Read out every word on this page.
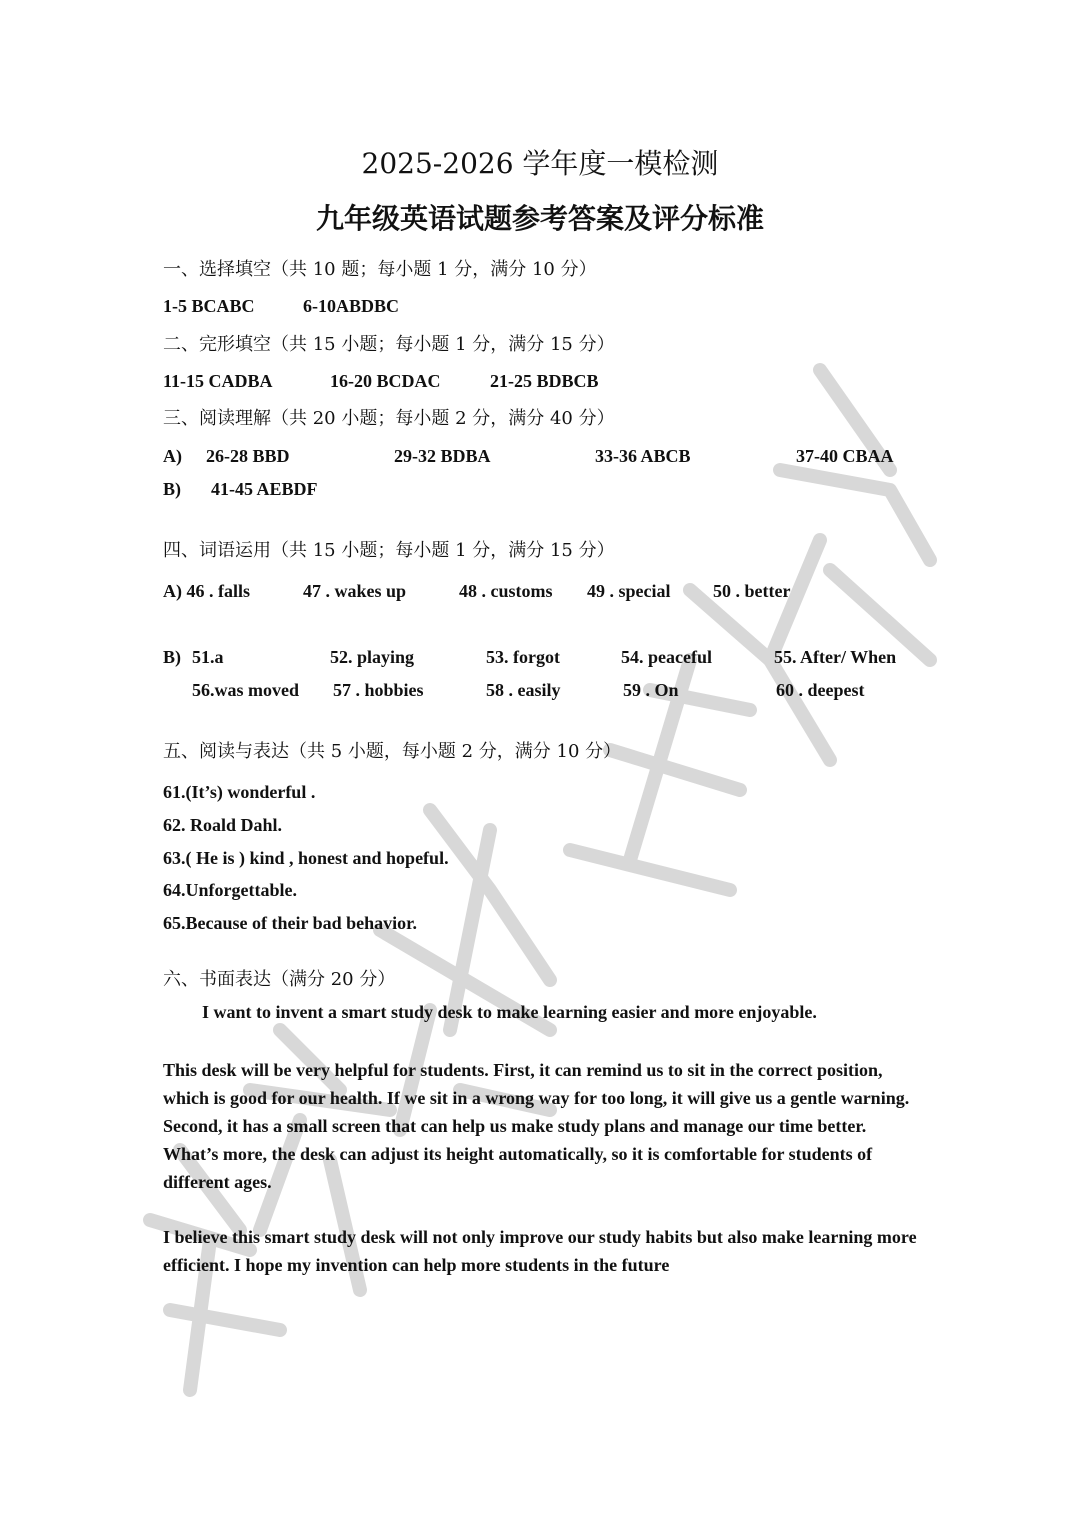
2025-2026 学年度一模检测
九年级英语试题参考答案及评分标准
一、选择填空（共 10 题；每小题 1 分，满分 10 分）
1-5 BCABC	6-10ABDBC
二、完形填空（共 15 小题；每小题 1 分，满分 15 分）
11-15 CADBA	16-20 BCDAC	21-25 BDBCB
三、阅读理解（共 20 小题；每小题 2 分，满分 40 分）
A) 26-28 BBD	29-32 BDBA	33-36 ABCB	37-40 CBAA
B) 41-45 AEBDF
四、词语运用（共 15 小题；每小题 1 分，满分 15 分）
A) 46 . falls	47 . wakes up	48 . customs 49 . special 50 . better
B) 51.a	52. playing	53. forgot	54. peaceful	55. After/ When
56.was moved 57 . hobbies	58 . easily	59 . On	60 . deepest
五、阅读与表达（共 5 小题，每小题 2 分，满分 10 分）
61.(It’s) wonderful .
62. Roald Dahl.
63.( He is ) kind , honest and hopeful.
64.Unforgettable.
65.Because of their bad behavior.
六、书面表达（满分 20 分）
I want to invent a smart study desk to make learning easier and more enjoyable.
This desk will be very helpful for students. First, it can remind us to sit in the correct position, which is good for our health. If we sit in a wrong way for too long, it will give us a gentle warning. Second, it has a small screen that can help us make study plans and manage our time better. What’s more, the desk can adjust its height automatically, so it is comfortable for students of different ages.
I believe this smart study desk will not only improve our study habits but also make learning more efficient. I hope my invention can help more students in the future
